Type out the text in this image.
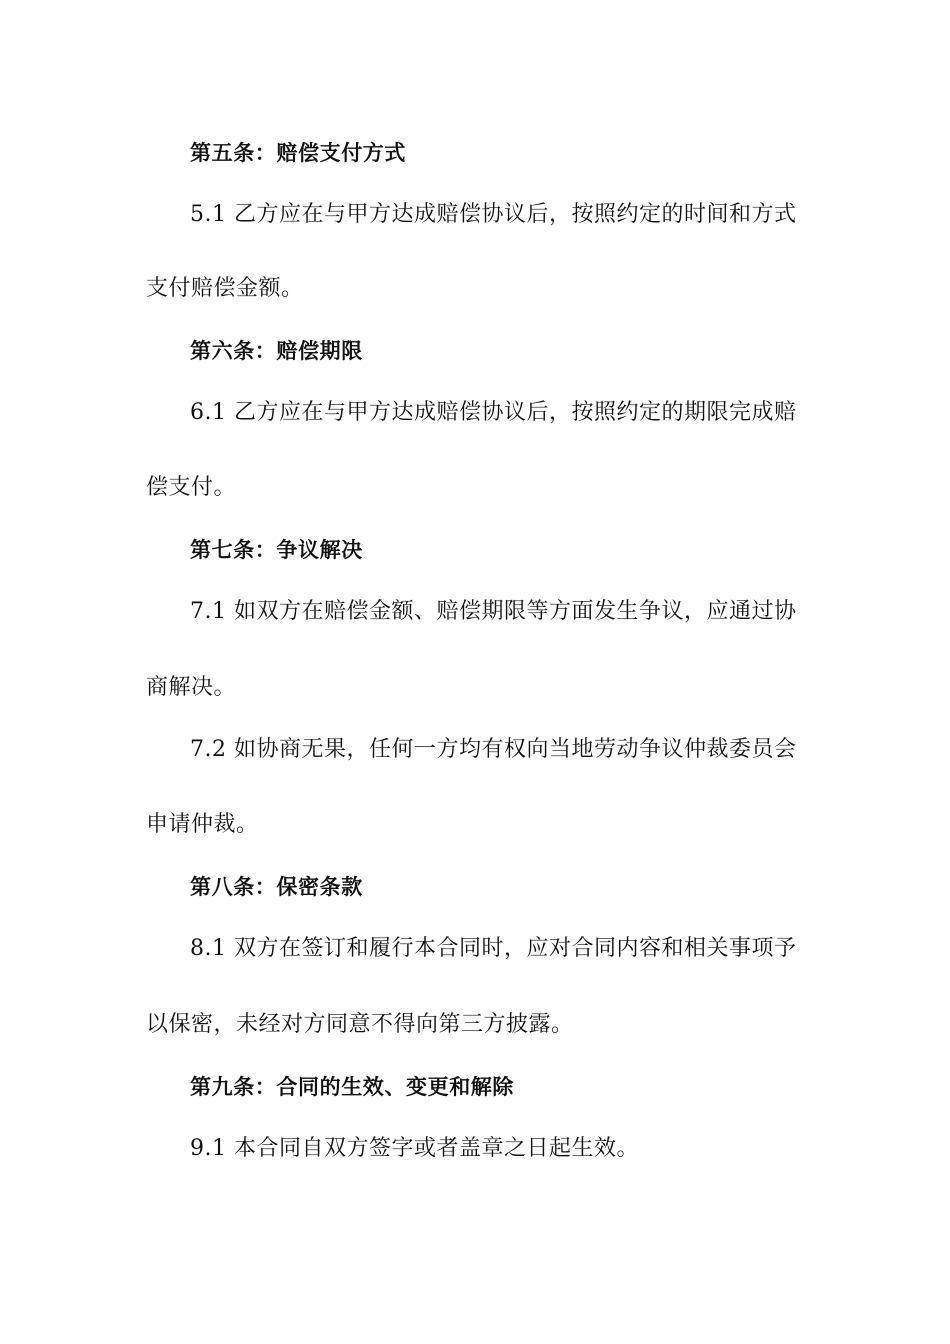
第五条：赔偿支付方式
5.1 乙方应在与甲方达成赔偿协议后，按照约定的时间和方式
支付赔偿金额。
第六条：赔偿期限
6.1 乙方应在与甲方达成赔偿协议后，按照约定的期限完成赔
偿支付。
第七条：争议解决
7.1 如双方在赔偿金额、赔偿期限等方面发生争议，应通过协
商解决。
7.2 如协商无果，任何一方均有权向当地劳动争议仲裁委员会
申请仲裁。
第八条：保密条款
8.1 双方在签订和履行本合同时，应对合同内容和相关事项予
以保密，未经对方同意不得向第三方披露。
第九条：合同的生效、变更和解除
9.1 本合同自双方签字或者盖章之日起生效。
